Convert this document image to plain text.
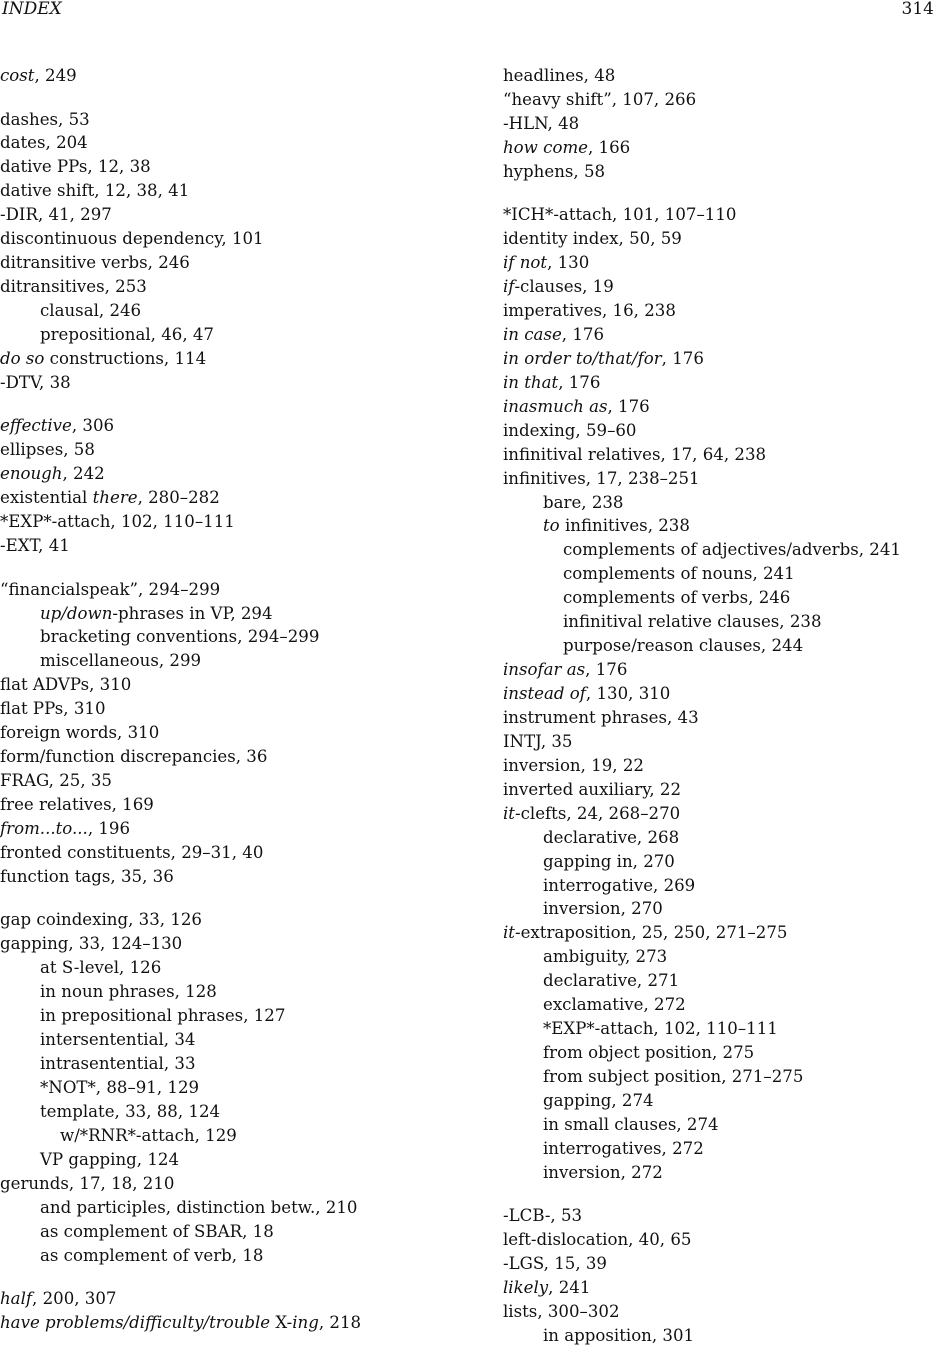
INDEX	314
cost, 249
dashes, 53
dates, 204
dative PPs, 12, 38
dative shift, 12, 38, 41
-DIR, 41, 297
discontinuous dependency, 101
ditransitive verbs, 246
ditransitives, 253
clausal, 246
prepositional, 46, 47
do so constructions, 114
-DTV, 38
effective, 306
ellipses, 58
enough, 242
existential there, 280–282
*EXP*-attach, 102, 110–111
-EXT, 41
“financialspeak”, 294–299
up/down-phrases in VP, 294
bracketing conventions, 294–299
miscellaneous, 299
flat ADVPs, 310
flat PPs, 310
foreign words, 310
form/function discrepancies, 36
FRAG, 25, 35
free relatives, 169
from...to..., 196
fronted constituents, 29–31, 40
function tags, 35, 36
gap coindexing, 33, 126
gapping, 33, 124–130
at S-level, 126
in noun phrases, 128
in prepositional phrases, 127
intersentential, 34
intrasentential, 33
*NOT*, 88–91, 129
template, 33, 88, 124
w/*RNR*-attach, 129
VP gapping, 124
gerunds, 17, 18, 210
and participles, distinction betw., 210
as complement of SBAR, 18
as complement of verb, 18
half, 200, 307
have problems/difficulty/trouble X-ing, 218
headlines, 48
“heavy shift”, 107, 266
-HLN, 48
how come, 166
hyphens, 58
*ICH*-attach, 101, 107–110
identity index, 50, 59
if not, 130
if-clauses, 19
imperatives, 16, 238
in case, 176
in order to/that/for, 176
in that, 176
inasmuch as, 176
indexing, 59–60
infinitival relatives, 17, 64, 238
infinitives, 17, 238–251
bare, 238
to infinitives, 238
complements of adjectives/adverbs, 241
complements of nouns, 241
complements of verbs, 246
infinitival relative clauses, 238
purpose/reason clauses, 244
insofar as, 176
instead of, 130, 310
instrument phrases, 43
INTJ, 35
inversion, 19, 22
inverted auxiliary, 22
it-clefts, 24, 268–270
declarative, 268
gapping in, 270
interrogative, 269
inversion, 270
it-extraposition, 25, 250, 271–275
ambiguity, 273
declarative, 271
exclamative, 272
*EXP*-attach, 102, 110–111
from object position, 275
from subject position, 271–275
gapping, 274
in small clauses, 274
interrogatives, 272
inversion, 272
-LCB-, 53
left-dislocation, 40, 65
-LGS, 15, 39
likely, 241
lists, 300–302
in apposition, 301
